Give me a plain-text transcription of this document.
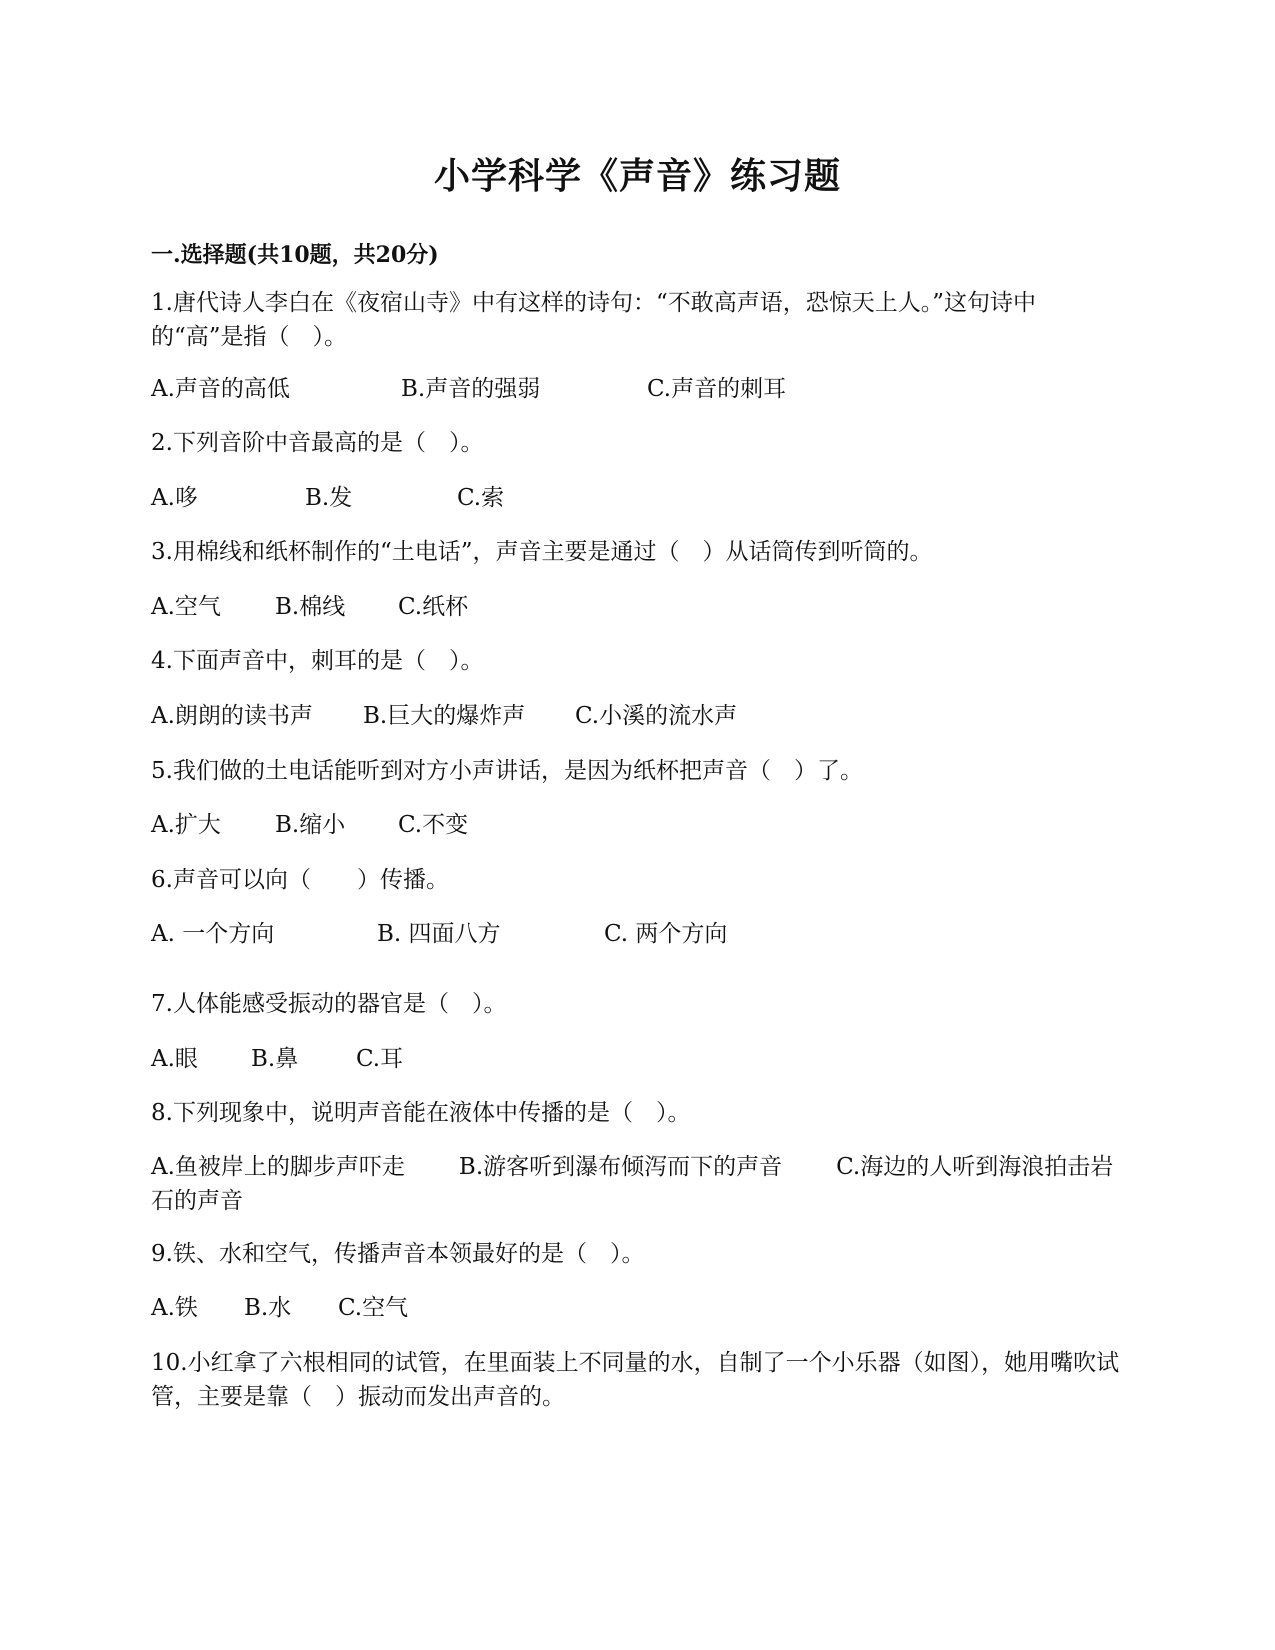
小学科学《声音》练习题
一.选择题(共10题，共20分)
1.唐代诗人李白在《夜宿山寺》中有这样的诗句：“不敢高声语，恐惊天上人。”这句诗中的“高”是指（　）。
A.声音的高低	B.声音的强弱	C.声音的刺耳
2.下列音阶中音最高的是（　）。
A.哆	B.发	C.索
3.用棉线和纸杯制作的“土电话”，声音主要是通过（　）从话筒传到听筒的。
A.空气 B.棉线 C.纸杯
4.下面声音中，刺耳的是（　）。
A.朗朗的读书声 B.巨大的爆炸声 C.小溪的流水声
5.我们做的土电话能听到对方小声讲话，是因为纸杯把声音（　）了。
A.扩大 B.缩小 C.不变
6.声音可以向（　　）传播。
A. 一个方向	B. 四面八方	C. 两个方向
7.人体能感受振动的器官是（　）。
A.眼 B.鼻	C.耳
8.下列现象中，说明声音能在液体中传播的是（　）。
A.鱼被岸上的脚步声吓走 B.游客听到瀑布倾泻而下的声音 C.海边的人听到海浪拍击岩石的声音
9.铁、水和空气，传播声音本领最好的是（　）。
A.铁 B.水 C.空气
10.小红拿了六根相同的试管，在里面装上不同量的水，自制了一个小乐器（如图），她用嘴吹试管，主要是靠（　）振动而发出声音的。
